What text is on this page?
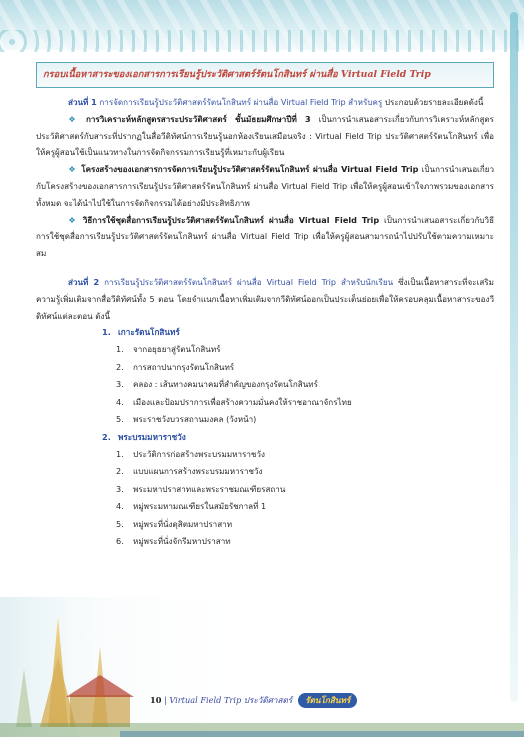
กรอบเนื้อหาสาระของเอกสารการเรียนรู้ประวัติศาสตร์รัตนโกสินทร์ ผ่านสื่อ Virtual Field Trip

ส่วนที่ 1 การจัดการเรียนรู้ประวัติศาสตร์รัตนโกสินทร์ ผ่านสื่อ Virtual Field Trip สำหรับครู ประกอบด้วยรายละเอียดดังนี้

❖ การวิเคราะห์หลักสูตรสาระประวัติศาสตร์ ชั้นมัธยมศึกษาปีที่ 3 เป็นการนำเสนอสาระเกี่ยวกับการวิเคราะห์หลักสูตรประวัติศาสตร์กับสาระที่ปรากฏในสื่อวีดิทัศน์การเรียนรู้นอกห้องเรียนเสมือนจริง : Virtual Field Trip ประวัติศาสตร์รัตนโกสินทร์ เพื่อให้ครูผู้สอนใช้เป็นแนวทางในการจัดกิจกรรมการเรียนรู้ที่เหมาะกับผู้เรียน

❖ โครงสร้างของเอกสารการจัดการเรียนรู้ประวัติศาสตร์รัตนโกสินทร์ ผ่านสื่อ Virtual Field Trip เป็นการนำเสนอเกี่ยวกับโครงสร้างของเอกสารการเรียนรู้ประวัติศาสตร์รัตนโกสินทร์ ผ่านสื่อ Virtual Field Trip เพื่อให้ครูผู้สอนเข้าใจภาพรวมของเอกสารทั้งหมด จะได้นำไปใช้ในการจัดกิจกรรมได้อย่างมีประสิทธิภาพ

❖ วิธีการใช้ชุดสื่อการเรียนรู้ประวัติศาสตร์รัตนโกสินทร์ ผ่านสื่อ Virtual Field Trip เป็นการนำเสนอสาระเกี่ยวกับวิธีการใช้ชุดสื่อการเรียนรู้ประวัติศาสตร์รัตนโกสินทร์ ผ่านสื่อ Virtual Field Trip เพื่อให้ครูผู้สอนสามารถนำไปปรับใช้ตามความเหมาะสม

ส่วนที่ 2 การเรียนรู้ประวัติศาสตร์รัตนโกสินทร์ ผ่านสื่อ Virtual Field Trip สำหรับนักเรียน ซึ่งเป็นเนื้อหาสาระที่จะเสริมความรู้เพิ่มเติมจากสื่อวีดิทัศน์ทั้ง 5 ตอน โดยจำแนกเนื้อหาเพิ่มเติมจากวีดิทัศน์ออกเป็นประเด็นย่อยเพื่อให้ครอบคลุมเนื้อหาสาระของวีดิทัศน์แต่ละตอน ดังนี้

1. เกาะรัตนโกสินทร์
1. จากอยุธยาสู่รัตนโกสินทร์
2. การสถาปนากรุงรัตนโกสินทร์
3. คลอง : เส้นทางคมนาคมที่สำคัญของกรุงรัตนโกสินทร์
4. เมืองและป้อมปราการเพื่อสร้างความมั่นคงให้ราชอาณาจักรไทย
5. พระราชวังบวรสถานมงคล (วังหน้า)
2. พระบรมมหาราชวัง
1. ประวัติการก่อสร้างพระบรมมหาราชวัง
2. แบบแผนการสร้างพระบรมมหาราชวัง
3. พระมหาปราสาทและพระราชมณเฑียรสถาน
4. หมู่พระมหามณเฑียรในสมัยรัชกาลที่ 1
5. หมู่พระที่นั่งดุสิตมหาปราสาท
6. หมู่พระที่นั่งจักรีมหาปราสาท
10 | Virtual Field Trip ประวัติศาสตร์ รัตนโกสินทร์
